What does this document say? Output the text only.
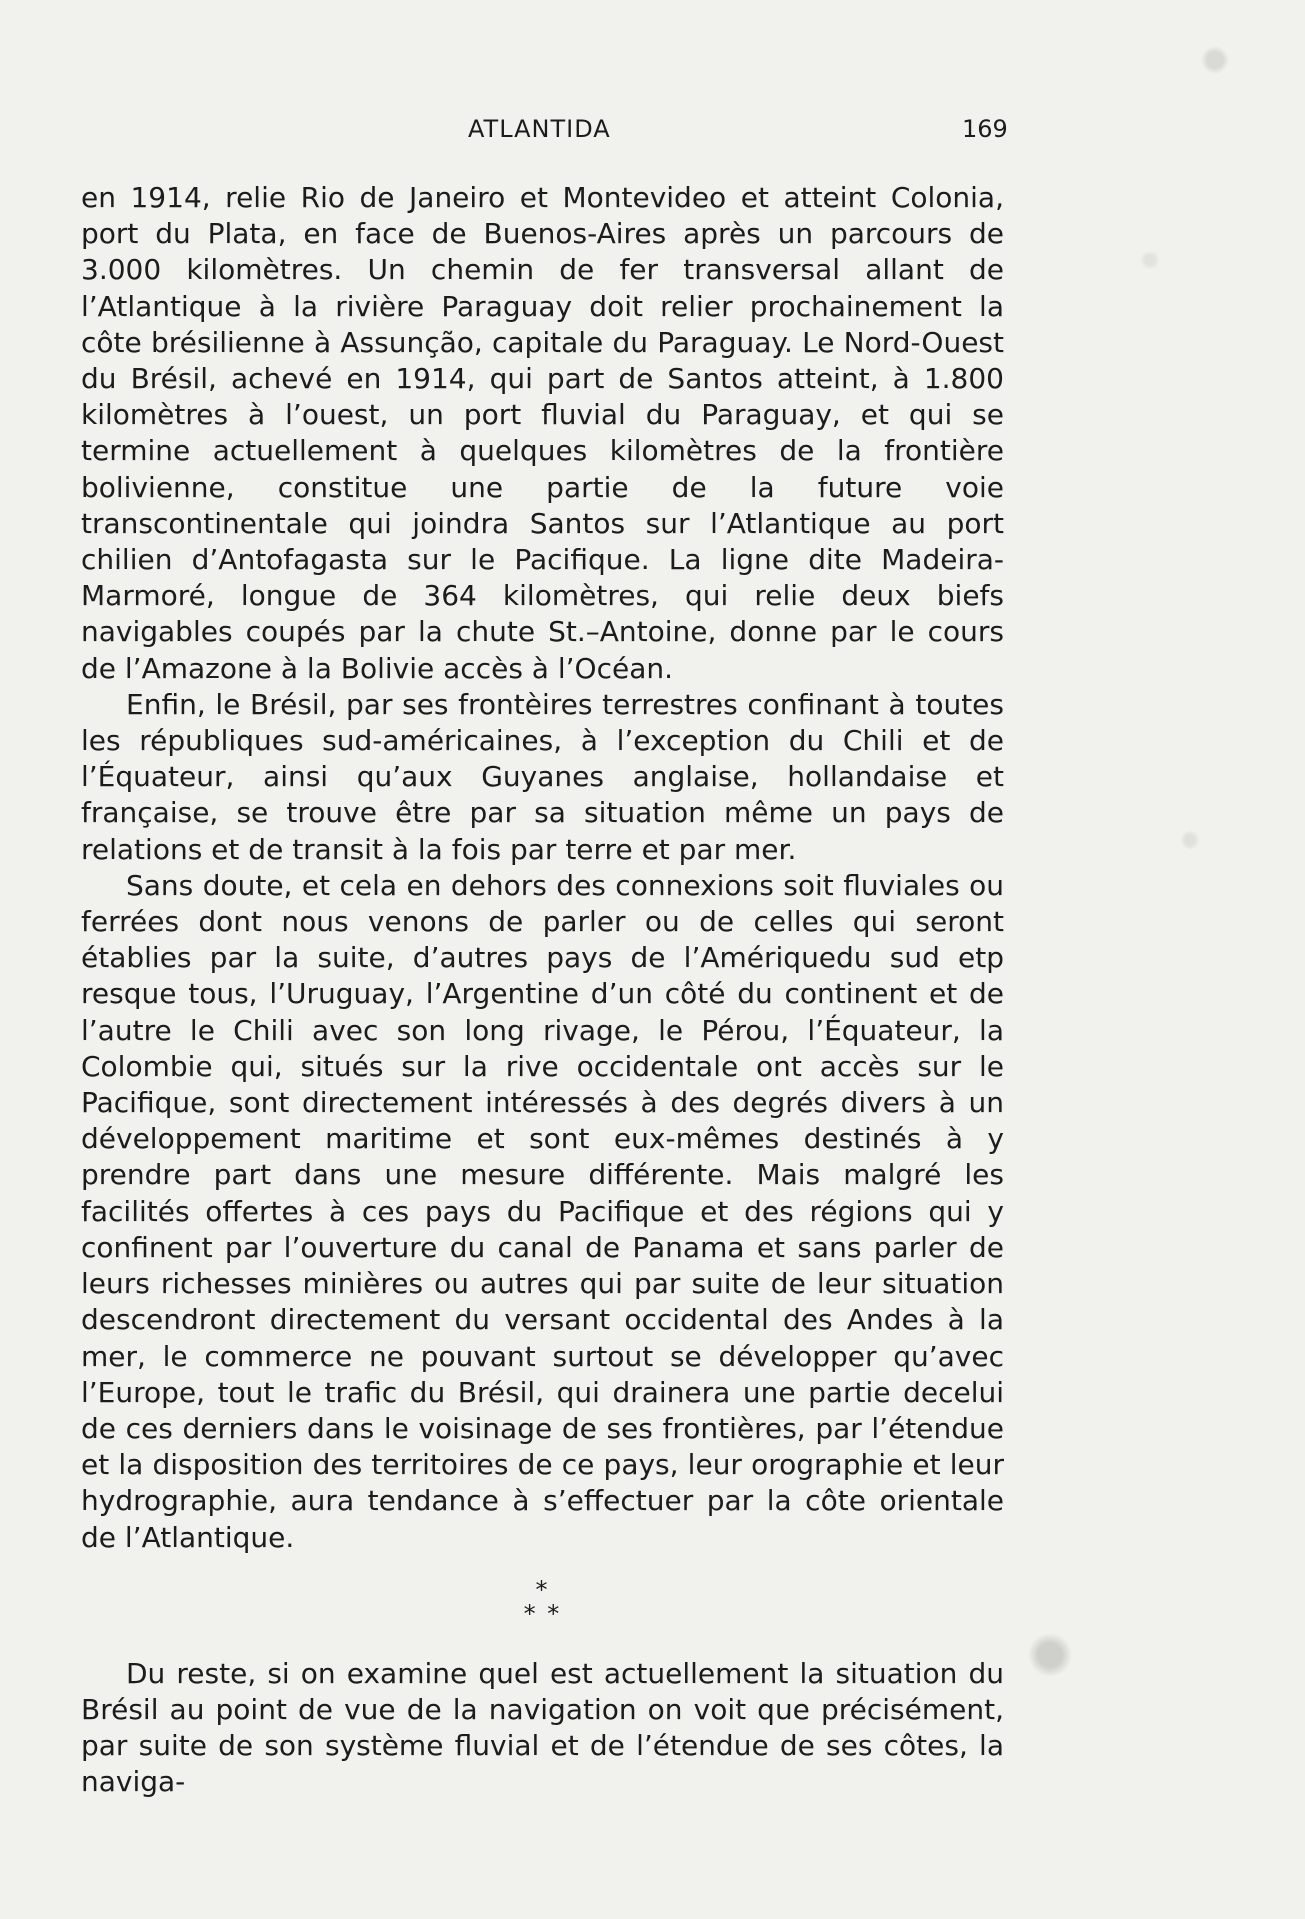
ATLANTIDA	169

en 1914, relie Rio de Janeiro et Montevideo et atteint Colonia, port du Plata, en face de Buenos-Aires après un parcours de 3.000 kilomètres. Un chemin de fer transversal allant de l’Atlantique à la rivière Paraguay doit relier prochainement la côte brésilienne à Assunção, capitale du Paraguay. Le Nord-Ouest du Brésil, achevé en 1914, qui part de Santos atteint, à 1.800 kilomètres à l’ouest, un port fluvial du Paraguay, et qui se termine actuellement à quelques kilomètres de la frontière bolivienne, constitue une partie de la future voie transcontinentale qui joindra Santos sur l’Atlantique au port chilien d’Antofagasta sur le Pacifique. La ligne dite Madeira-Marmoré, longue de 364 kilomètres, qui relie deux biefs navigables coupés par la chute St.–Antoine, donne par le cours de l’Amazone à la Bolivie accès à l’Océan.

Enfin, le Brésil, par ses frontèires terrestres confinant à toutes les républiques sud-américaines, à l’exception du Chili et de l’Équateur, ainsi qu’aux Guyanes anglaise, hollandaise et française, se trouve être par sa situation même un pays de relations et de transit à la fois par terre et par mer.

Sans doute, et cela en dehors des connexions soit fluviales ou ferrées dont nous venons de parler ou de celles qui seront établies par la suite, d’autres pays de l’Amériquedu sud etp resque tous, l’Uruguay, l’Argentine d’un côté du continent et de l’autre le Chili avec son long rivage, le Pérou, l’Équateur, la Colombie qui, situés sur la rive occidentale ont accès sur le Pacifique, sont directement intéressés à des degrés divers à un développement maritime et sont eux-mêmes destinés à y prendre part dans une mesure différente. Mais malgré les facilités offertes à ces pays du Pacifique et des régions qui y confinent par l’ouverture du canal de Panama et sans parler de leurs richesses minières ou autres qui par suite de leur situation descendront directement du versant occidental des Andes à la mer, le commerce ne pouvant surtout se développer qu’avec l’Europe, tout le trafic du Brésil, qui drainera une partie decelui de ces derniers dans le voisinage de ses frontières, par l’étendue et la disposition des territoires de ce pays, leur orographie et leur hydrographie, aura tendance à s’effectuer par la côte orientale de l’Atlantique.

*
* *

Du reste, si on examine quel est actuellement la situation du Brésil au point de vue de la navigation on voit que précisément, par suite de son système fluvial et de l’étendue de ses côtes, la naviga-
